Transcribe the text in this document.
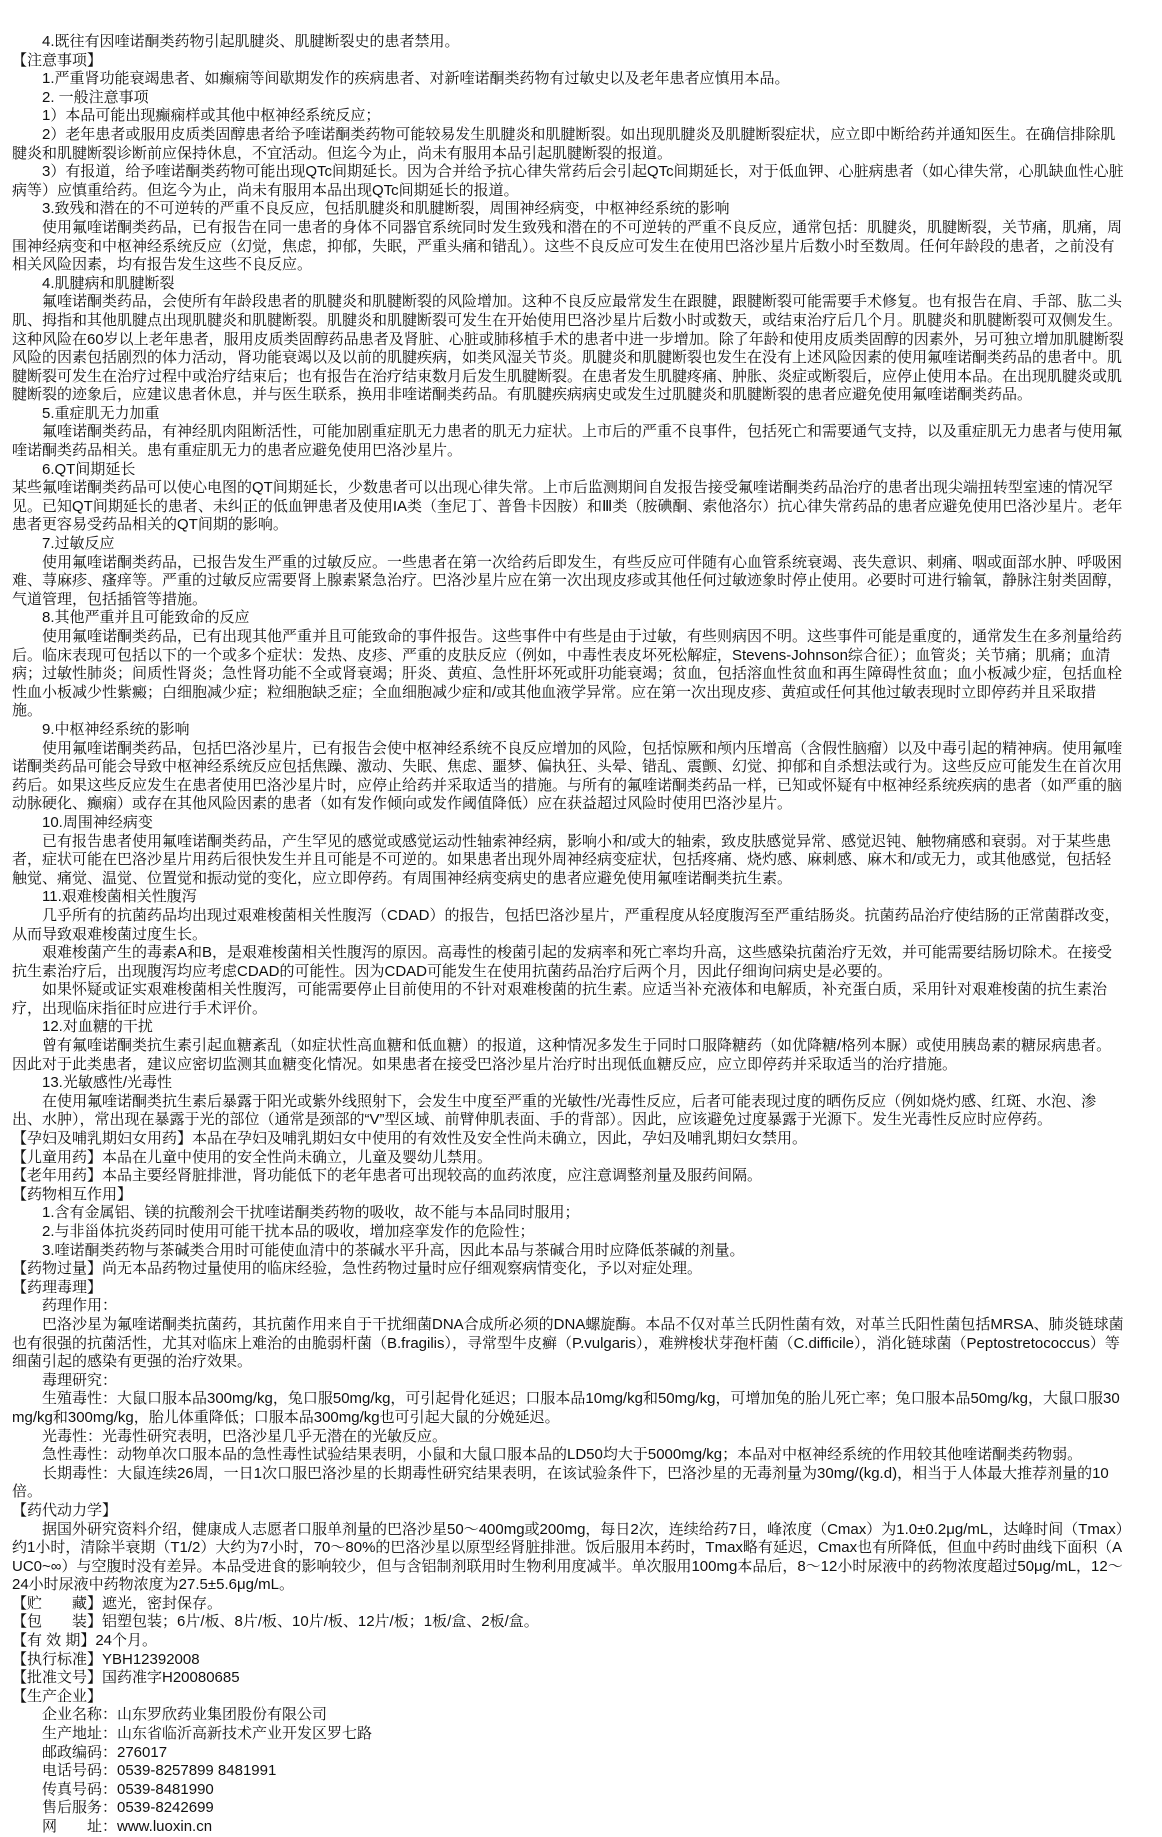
4.既往有因喹诺酮类药物引起肌腱炎、肌腱断裂史的患者禁用。

【注意事项】

1.严重肾功能衰竭患者、如癫痫等间歇期发作的疾病患者、对新喹诺酮类药物有过敏史以及老年患者应慎用本品。

2. 一般注意事项

1）本品可能出现癫痫样或其他中枢神经系统反应；

2）老年患者或服用皮质类固醇患者给予喹诺酮类药物可能较易发生肌腱炎和肌腱断裂。如出现肌腱炎及肌腱断裂症状，应立即中断给药并通知医生。在确信排除肌腱炎和肌腱断裂诊断前应保持休息，不宜活动。但迄今为止，尚未有服用本品引起肌腱断裂的报道。

3）有报道，给予喹诺酮类药物可能出现QTc间期延长。因为合并给予抗心律失常药后会引起QTc间期延长，对于低血钾、心脏病患者（如心律失常，心肌缺血性心脏病等）应慎重给药。但迄今为止，尚未有服用本品出现QTc间期延长的报道。

3.致残和潜在的不可逆转的严重不良反应，包括肌腱炎和肌腱断裂，周围神经病变，中枢神经系统的影响

使用氟喹诺酮类药品，已有报告在同一患者的身体不同器官系统同时发生致残和潜在的不可逆转的严重不良反应，通常包括：肌腱炎，肌腱断裂，关节痛，肌痛，周围神经病变和中枢神经系统反应（幻觉，焦虑，抑郁，失眠，严重头痛和错乱）。这些不良反应可发生在使用巴洛沙星片后数小时至数周。任何年龄段的患者，之前没有相关风险因素，均有报告发生这些不良反应。

4.肌腱病和肌腱断裂

氟喹诺酮类药品，会使所有年龄段患者的肌腱炎和肌腱断裂的风险增加。这种不良反应最常发生在跟腱，跟腱断裂可能需要手术修复。也有报告在肩、手部、肱二头肌、拇指和其他肌腱点出现肌腱炎和肌腱断裂。肌腱炎和肌腱断裂可发生在开始使用巴洛沙星片后数小时或数天，或结束治疗后几个月。肌腱炎和肌腱断裂可双侧发生。这种风险在60岁以上老年患者，服用皮质类固醇药品患者及肾脏、心脏或肺移植手术的患者中进一步增加。除了年龄和使用皮质类固醇的因素外，另可独立增加肌腱断裂风险的因素包括剧烈的体力活动，肾功能衰竭以及以前的肌腱疾病，如类风湿关节炎。肌腱炎和肌腱断裂也发生在没有上述风险因素的使用氟喹诺酮类药品的患者中。肌腱断裂可发生在治疗过程中或治疗结束后；也有报告在治疗结束数月后发生肌腱断裂。在患者发生肌腱疼痛、肿胀、炎症或断裂后，应停止使用本品。在出现肌腱炎或肌腱断裂的迹象后，应建议患者休息，并与医生联系，换用非喹诺酮类药品。有肌腱疾病病史或发生过肌腱炎和肌腱断裂的患者应避免使用氟喹诺酮类药品。

5.重症肌无力加重

氟喹诺酮类药品，有神经肌肉阻断活性，可能加剧重症肌无力患者的肌无力症状。上市后的严重不良事件，包括死亡和需要通气支持，以及重症肌无力患者与使用氟喹诺酮类药品相关。患有重症肌无力的患者应避免使用巴洛沙星片。

6.QT间期延长

某些氟喹诺酮类药品可以使心电图的QT间期延长，少数患者可以出现心律失常。上市后监测期间自发报告接受氟喹诺酮类药品治疗的患者出现尖端扭转型室速的情况罕见。已知QT间期延长的患者、未纠正的低血钾患者及使用IA类（奎尼丁、普鲁卡因胺）和Ⅲ类（胺碘酮、索他洛尔）抗心律失常药品的患者应避免使用巴洛沙星片。老年患者更容易受药品相关的QT间期的影响。

7.过敏反应

使用氟喹诺酮类药品，已报告发生严重的过敏反应。一些患者在第一次给药后即发生，有些反应可伴随有心血管系统衰竭、丧失意识、刺痛、咽或面部水肿、呼吸困难、荨麻疹、瘙痒等。严重的过敏反应需要肾上腺素紧急治疗。巴洛沙星片应在第一次出现皮疹或其他任何过敏迹象时停止使用。必要时可进行输氧，静脉注射类固醇，气道管理，包括插管等措施。

8.其他严重并且可能致命的反应

使用氟喹诺酮类药品，已有出现其他严重并且可能致命的事件报告。这些事件中有些是由于过敏，有些则病因不明。这些事件可能是重度的，通常发生在多剂量给药后。临床表现可包括以下的一个或多个症状：发热、皮疹、严重的皮肤反应（例如，中毒性表皮坏死松解症，Stevens-Johnson综合征）；血管炎；关节痛；肌痛；血清病；过敏性肺炎；间质性肾炎；急性肾功能不全或肾衰竭；肝炎、黄疸、急性肝坏死或肝功能衰竭；贫血，包括溶血性贫血和再生障碍性贫血；血小板减少症，包括血栓性血小板减少性紫癜；白细胞减少症；粒细胞缺乏症；全血细胞减少症和/或其他血液学异常。应在第一次出现皮疹、黄疸或任何其他过敏表现时立即停药并且采取措施。

9.中枢神经系统的影响

使用氟喹诺酮类药品，包括巴洛沙星片，已有报告会使中枢神经系统不良反应增加的风险，包括惊厥和颅内压增高（含假性脑瘤）以及中毒引起的精神病。使用氟喹诺酮类药品可能会导致中枢神经系统反应包括焦躁、激动、失眠、焦虑、噩梦、偏执狂、头晕、错乱、震颤、幻觉、抑郁和自杀想法或行为。这些反应可能发生在首次用药后。如果这些反应发生在患者使用巴洛沙星片时，应停止给药并采取适当的措施。与所有的氟喹诺酮类药品一样，已知或怀疑有中枢神经系统疾病的患者（如严重的脑动脉硬化、癫痫）或存在其他风险因素的患者（如有发作倾向或发作阈值降低）应在获益超过风险时使用巴洛沙星片。

10.周围神经病变

已有报告患者使用氟喹诺酮类药品，产生罕见的感觉或感觉运动性轴索神经病，影响小和/或大的轴索，致皮肤感觉异常、感觉迟钝、触物痛感和衰弱。对于某些患者，症状可能在巴洛沙星片用药后很快发生并且可能是不可逆的。如果患者出现外周神经病变症状，包括疼痛、烧灼感、麻刺感、麻木和/或无力，或其他感觉，包括轻触觉、痛觉、温觉、位置觉和振动觉的变化，应立即停药。有周围神经病变病史的患者应避免使用氟喹诺酮类抗生素。

11.艰难梭菌相关性腹泻

几乎所有的抗菌药品均出现过艰难梭菌相关性腹泻（CDAD）的报告，包括巴洛沙星片，严重程度从轻度腹泻至严重结肠炎。抗菌药品治疗使结肠的正常菌群改变，从而导致艰难梭菌过度生长。

艰难梭菌产生的毒素A和B，是艰难梭菌相关性腹泻的原因。高毒性的梭菌引起的发病率和死亡率均升高，这些感染抗菌治疗无效，并可能需要结肠切除术。在接受抗生素治疗后，出现腹泻均应考虑CDAD的可能性。因为CDAD可能发生在使用抗菌药品治疗后两个月，因此仔细询问病史是必要的。

如果怀疑或证实艰难梭菌相关性腹泻，可能需要停止目前使用的不针对艰难梭菌的抗生素。应适当补充液体和电解质，补充蛋白质，采用针对艰难梭菌的抗生素治疗，出现临床指征时应进行手术评价。

12.对血糖的干扰

曾有氟喹诺酮类抗生素引起血糖紊乱（如症状性高血糖和低血糖）的报道，这种情况多发生于同时口服降糖药（如优降糖/格列本脲）或使用胰岛素的糖尿病患者。因此对于此类患者，建议应密切监测其血糖变化情况。如果患者在接受巴洛沙星片治疗时出现低血糖反应，应立即停药并采取适当的治疗措施。

13.光敏感性/光毒性

在使用氟喹诺酮类抗生素后暴露于阳光或紫外线照射下，会发生中度至严重的光敏性/光毒性反应，后者可能表现过度的晒伤反应（例如烧灼感、红斑、水泡、渗出、水肿），常出现在暴露于光的部位（通常是颈部的“V”型区域、前臂伸肌表面、手的背部）。因此，应该避免过度暴露于光源下。发生光毒性反应时应停药。

【孕妇及哺乳期妇女用药】本品在孕妇及哺乳期妇女中使用的有效性及安全性尚未确立，因此，孕妇及哺乳期妇女禁用。

【儿童用药】本品在儿童中使用的安全性尚未确立，儿童及婴幼儿禁用。

【老年用药】本品主要经肾脏排泄，肾功能低下的老年患者可出现较高的血药浓度，应注意调整剂量及服药间隔。

【药物相互作用】

1.含有金属铝、镁的抗酸剂会干扰喹诺酮类药物的吸收，故不能与本品同时服用；

2.与非甾体抗炎药同时使用可能干扰本品的吸收，增加痉挛发作的危险性；

3.喹诺酮类药物与茶碱类合用时可能使血清中的茶碱水平升高，因此本品与茶碱合用时应降低茶碱的剂量。

【药物过量】尚无本品药物过量使用的临床经验，急性药物过量时应仔细观察病情变化，予以对症处理。

【药理毒理】

药理作用：

巴洛沙星为氟喹诺酮类抗菌药，其抗菌作用来自于干扰细菌DNA合成所必须的DNA螺旋酶。本品不仅对革兰氏阴性菌有效，对革兰氏阳性菌包括MRSA、肺炎链球菌也有很强的抗菌活性，尤其对临床上难治的由脆弱杆菌（B.fragilis），寻常型牛皮癣（P.vulgaris），难辨梭状芽孢杆菌（C.difficile），消化链球菌（Peptostretococcus）等细菌引起的感染有更强的治疗效果。

毒理研究：

生殖毒性：大鼠口服本品300mg/kg，兔口服50mg/kg，可引起骨化延迟；口服本品10mg/kg和50mg/kg，可增加兔的胎儿死亡率；兔口服本品50mg/kg，大鼠口服30mg/kg和300mg/kg，胎儿体重降低；口服本品300mg/kg也可引起大鼠的分娩延迟。

光毒性：光毒性研究表明，巴洛沙星几乎无潜在的光敏反应。

急性毒性：动物单次口服本品的急性毒性试验结果表明，小鼠和大鼠口服本品的LD50均大于5000mg/kg；本品对中枢神经系统的作用较其他喹诺酮类药物弱。

长期毒性：大鼠连续26周，一日1次口服巴洛沙星的长期毒性研究结果表明，在该试验条件下，巴洛沙星的无毒剂量为30mg/(kg.d)，相当于人体最大推荐剂量的10倍。

【药代动力学】

据国外研究资料介绍，健康成人志愿者口服单剂量的巴洛沙星50～400mg或200mg，每日2次，连续给药7日，峰浓度（Cmax）为1.0±0.2μg/mL，达峰时间（Tmax）约1小时，清除半衰期（T1/2）大约为7小时，70～80%的巴洛沙星以原型经肾脏排泄。饭后服用本药时，Tmax略有延迟，Cmax也有所降低，但血中药时曲线下面积（AUC0~∞）与空腹时没有差异。本品受进食的影响较少，但与含铝制剂联用时生物利用度减半。单次服用100mg本品后，8～12小时尿液中的药物浓度超过50μg/mL，12～24小时尿液中药物浓度为27.5±5.6μg/mL。

【贮　　藏】遮光，密封保存。

【包　　装】铝塑包装；6片/板、8片/板、10片/板、12片/板；1板/盒、2板/盒。

【有 效 期】24个月。

【执行标准】YBH12392008

【批准文号】国药准字H20080685

【生产企业】

企业名称：山东罗欣药业集团股份有限公司

生产地址：山东省临沂高新技术产业开发区罗七路

邮政编码：276017

电话号码：0539-8257899 8481991

传真号码：0539-8481990

售后服务：0539-8242699

网　　址：www.luoxin.cn
